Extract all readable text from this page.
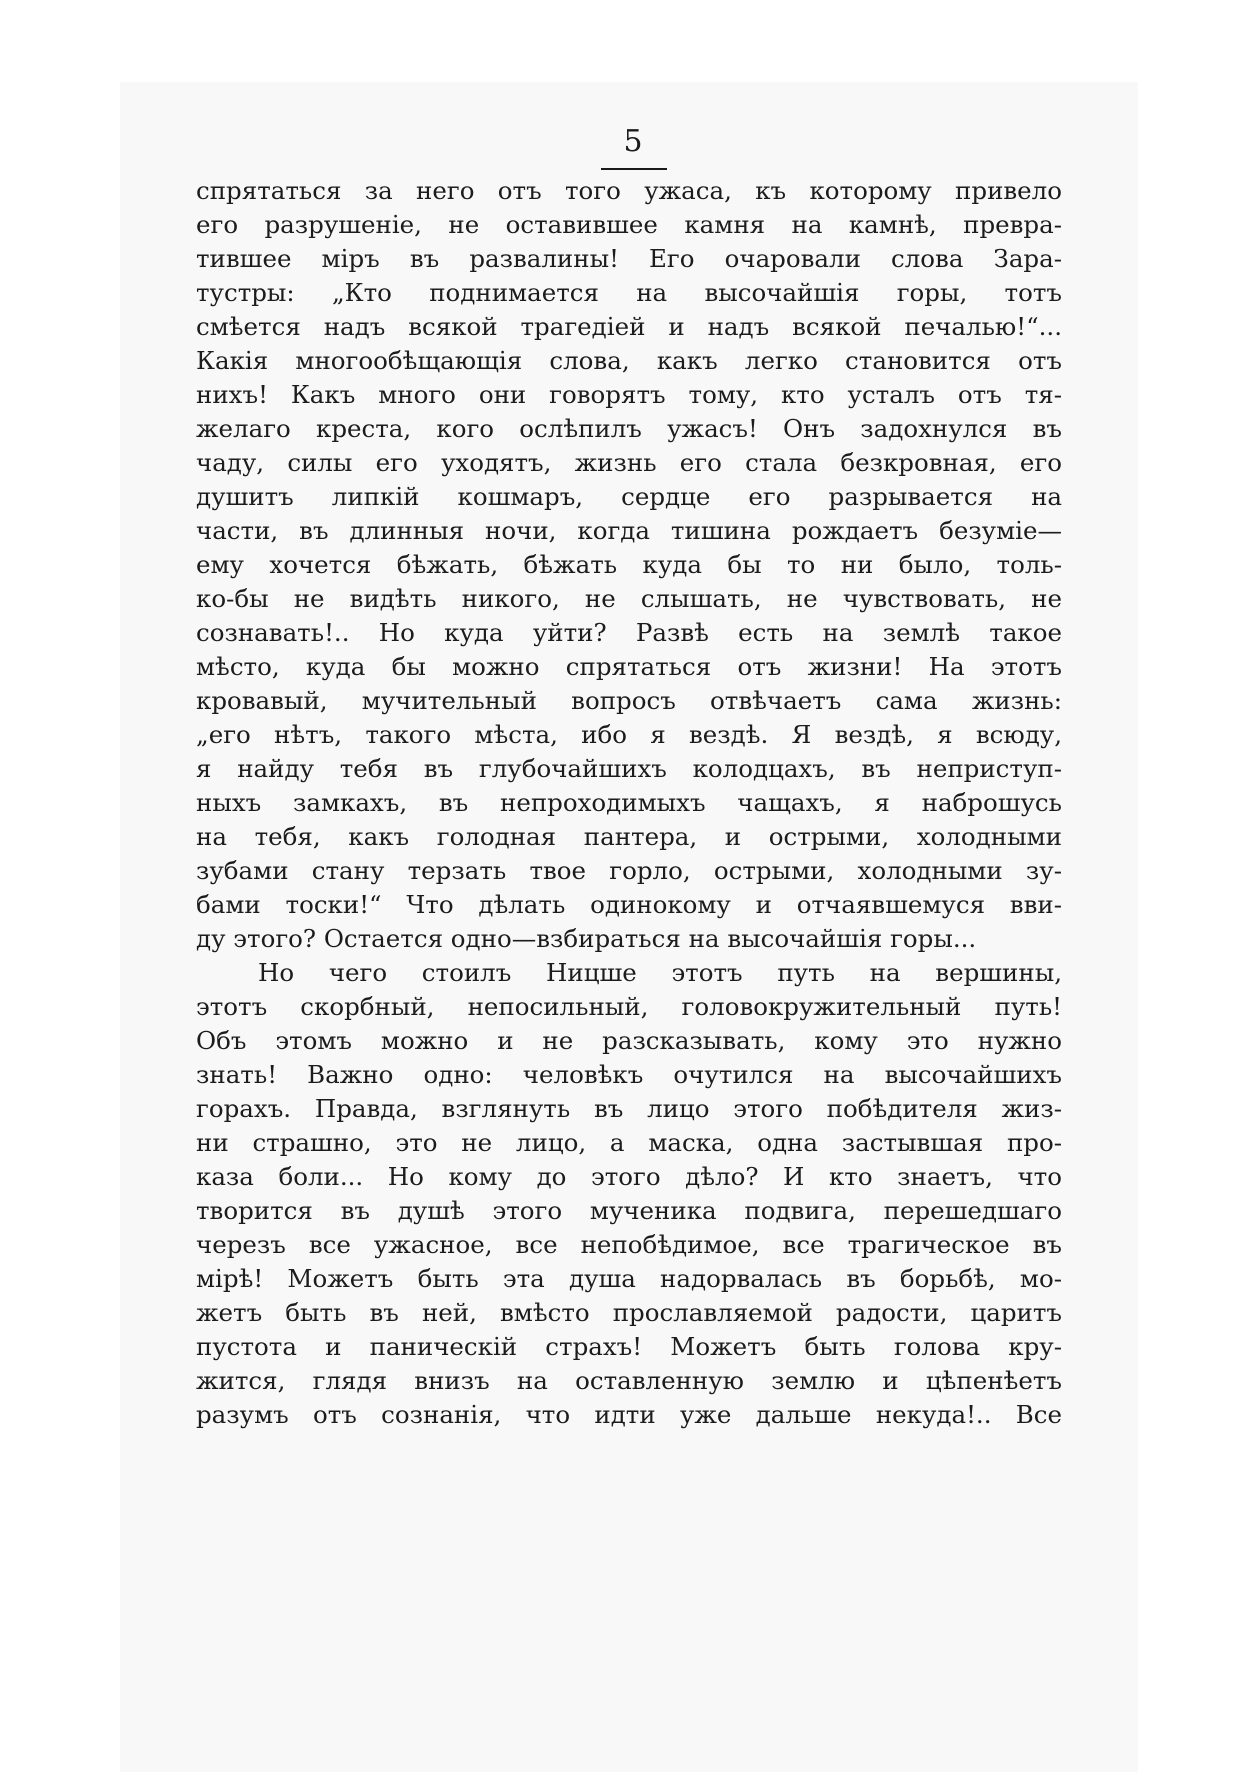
5
спрятаться за него отъ того ужаса, къ которому привело
его разрушеніе, не оставившее камня на камнѣ, превра-
тившее міръ въ развалины! Его очаровали слова Зара-
тустры: „Кто поднимается на высочайшія горы, тотъ
смѣется надъ всякой трагедіей и надъ всякой печалью!“...
Какія многообѣщающія слова, какъ легко становится отъ
нихъ! Какъ много они говорятъ тому, кто усталъ отъ тя-
желаго креста, кого ослѣпилъ ужасъ! Онъ задохнулся въ
чаду, силы его уходятъ, жизнь его стала безкровная, его
душитъ липкій кошмаръ, сердце его разрывается на
части, въ длинныя ночи, когда тишина рождаетъ безуміе—
ему хочется бѣжать, бѣжать куда бы то ни было, толь-
ко-бы не видѣть никого, не слышать, не чувствовать, не
сознавать!.. Но куда уйти? Развѣ есть на землѣ такое
мѣсто, куда бы можно спрятаться отъ жизни! На этотъ
кровавый, мучительный вопросъ отвѣчаетъ сама жизнь:
„его нѣтъ, такого мѣста, ибо я вездѣ. Я вездѣ, я всюду,
я найду тебя въ глубочайшихъ колодцахъ, въ неприступ-
ныхъ замкахъ, въ непроходимыхъ чащахъ, я наброшусь
на тебя, какъ голодная пантера, и острыми, холодными
зубами стану терзать твое горло, острыми, холодными зу-
бами тоски!“ Что дѣлать одинокому и отчаявшемуся вви-
ду этого? Остается одно—взбираться на высочайшія горы...
Но чего стоилъ Ницше этотъ путь на вершины,
этотъ скорбный, непосильный, головокружительный путь!
Объ этомъ можно и не разсказывать, кому это нужно
знать! Важно одно: человѣкъ очутился на высочайшихъ
горахъ. Правда, взглянуть въ лицо этого побѣдителя жиз-
ни страшно, это не лицо, а маска, одна застывшая про-
каза боли... Но кому до этого дѣло? И кто знаетъ, что
творится въ душѣ этого мученика подвига, перешедшаго
черезъ все ужасное, все непобѣдимое, все трагическое въ
мірѣ! Можетъ быть эта душа надорвалась въ борьбѣ, мо-
жетъ быть въ ней, вмѣсто прославляемой радости, царитъ
пустота и паническій страхъ! Можетъ быть голова кру-
жится, глядя внизъ на оставленную землю и цѣпенѣетъ
разумъ отъ сознанія, что идти уже дальше некуда!.. Все
